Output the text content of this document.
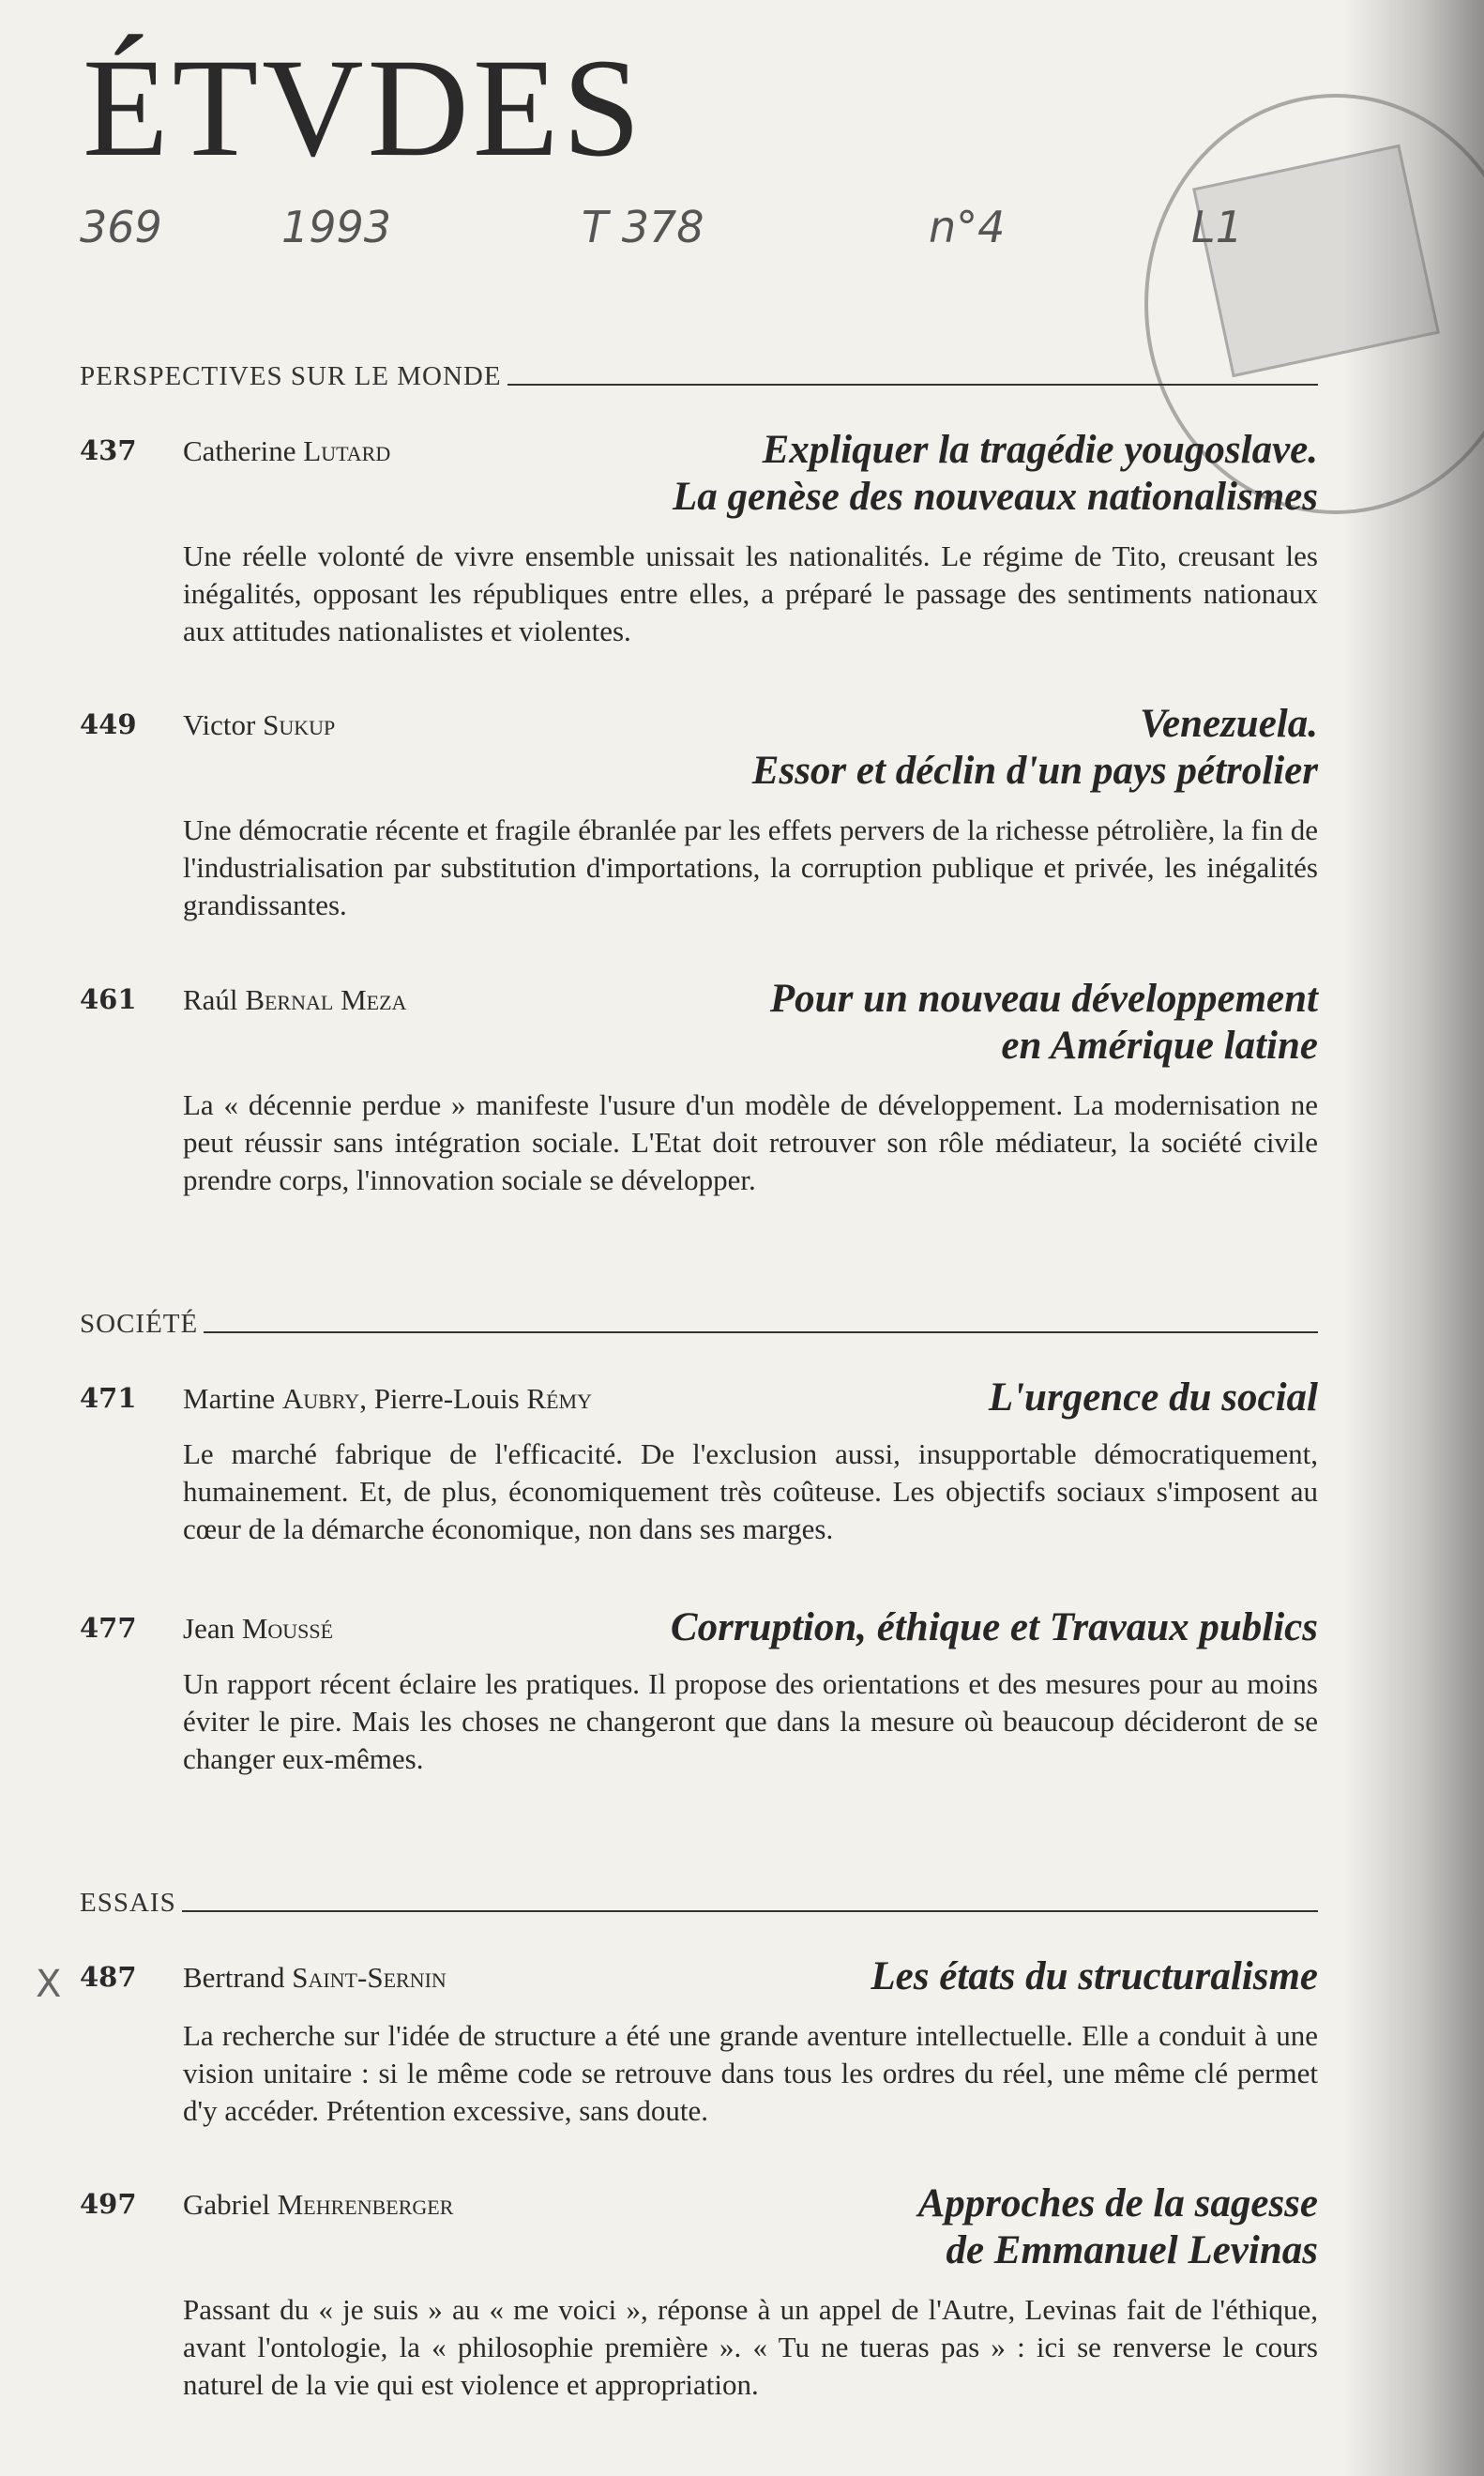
ÉTVDES
369	1993	T 378	n°4	L1
PERSPECTIVES SUR LE MONDE
437 Catherine Lutard	Expliquer la tragédie yougoslave.
La genèse des nouveaux nationalismes
Une réelle volonté de vivre ensemble unissait les nationalités. Le régime de Tito, creusant les inégalités, opposant les républiques entre elles, a préparé le passage des sentiments nationaux aux attitudes nationalistes et violentes.
449 Victor Sukup	Venezuela.
Essor et déclin d'un pays pétrolier
Une démocratie récente et fragile ébranlée par les effets pervers de la richesse pétrolière, la fin de l'industrialisation par substitution d'importations, la corruption publique et privée, les inégalités grandissantes.
461 Raúl Bernal Meza	Pour un nouveau développement
en Amérique latine
La « décennie perdue » manifeste l'usure d'un modèle de développement. La modernisation ne peut réussir sans intégration sociale. L'Etat doit retrouver son rôle médiateur, la société civile prendre corps, l'innovation sociale se développer.
SOCIÉTÉ
471 Martine Aubry, Pierre-Louis Rémy	L'urgence du social
Le marché fabrique de l'efficacité. De l'exclusion aussi, insupportable démocratiquement, humainement. Et, de plus, économiquement très coûteuse. Les objectifs sociaux s'imposent au cœur de la démarche économique, non dans ses marges.
477 Jean Moussé	Corruption, éthique et Travaux publics
Un rapport récent éclaire les pratiques. Il propose des orientations et des mesures pour au moins éviter le pire. Mais les choses ne changeront que dans la mesure où beaucoup décideront de se changer eux-mêmes.
ESSAIS
X 487 Bertrand Saint-Sernin	Les états du structuralisme
La recherche sur l'idée de structure a été une grande aventure intellectuelle. Elle a conduit à une vision unitaire : si le même code se retrouve dans tous les ordres du réel, une même clé permet d'y accéder. Prétention excessive, sans doute.
497 Gabriel Mehrenberger	Approches de la sagesse
de Emmanuel Levinas
Passant du « je suis » au « me voici », réponse à un appel de l'Autre, Levinas fait de l'éthique, avant l'ontologie, la « philosophie première ». « Tu ne tueras pas » : ici se renverse le cours naturel de la vie qui est violence et appropriation.
